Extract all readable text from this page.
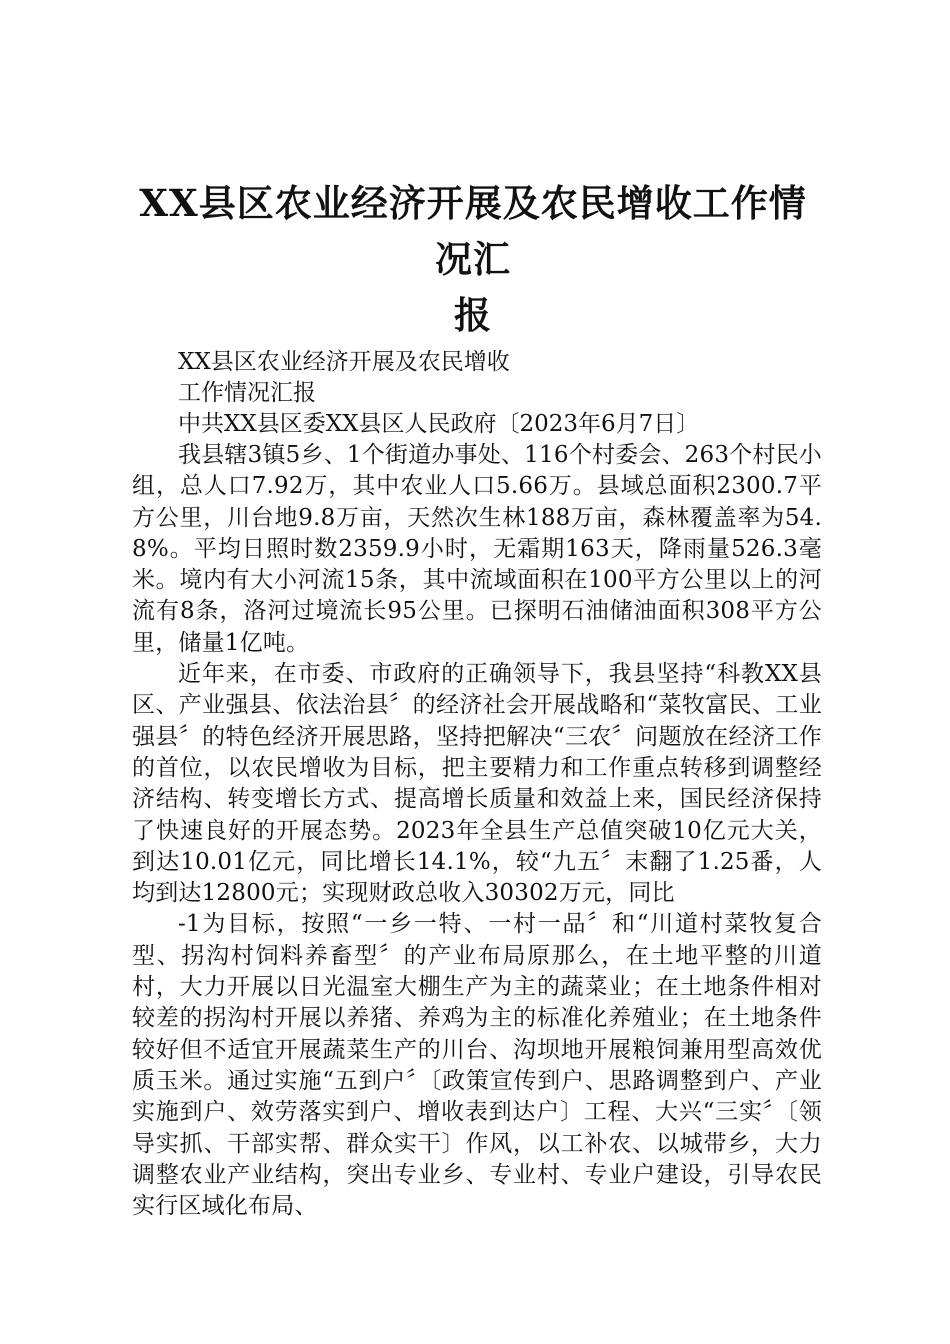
XX县区农业经济开展及农民增收工作情况汇
报

XX县区农业经济开展及农民增收

工作情况汇报

中共XX县区委XX县区人民政府〔2023年6月7日〕

我县辖3镇5乡、1个街道办事处、116个村委会、263个村民小组，总人口7.92万，其中农业人口5.66万。县域总面积2300.7平方公里，川台地9.8万亩，天然次生林188万亩，森林覆盖率为54.8%。平均日照时数2359.9小时，无霜期163天，降雨量526.3毫米。境内有大小河流15条，其中流域面积在100平方公里以上的河流有8条，洛河过境流长95公里。已探明石油储油面积308平方公里，储量1亿吨。

近年来，在市委、市政府的正确领导下，我县坚持“科教XX县区、产业强县、依法治县〞的经济社会开展战略和“菜牧富民、工业强县〞的特色经济开展思路，坚持把解决“三农〞问题放在经济工作的首位，以农民增收为目标，把主要精力和工作重点转移到调整经济结构、转变增长方式、提高增长质量和效益上来，国民经济保持了快速良好的开展态势。2023年全县生产总值突破10亿元大关，到达10.01亿元，同比增长14.1%，较“九五〞末翻了1.25番，人均到达12800元；实现财政总收入30302万元，同比

-1为目标，按照“一乡一特、一村一品〞和“川道村菜牧复合型、拐沟村饲料养畜型〞的产业布局原那么，在土地平整的川道村，大力开展以日光温室大棚生产为主的蔬菜业；在土地条件相对较差的拐沟村开展以养猪、养鸡为主的标准化养殖业；在土地条件较好但不适宜开展蔬菜生产的川台、沟坝地开展粮饲兼用型高效优质玉米。通过实施“五到户〞〔政策宣传到户、思路调整到户、产业实施到户、效劳落实到户、增收表到达户〕工程、大兴“三实〞〔领导实抓、干部实帮、群众实干〕作风，以工补农、以城带乡，大力调整农业产业结构，突出专业乡、专业村、专业户建设，引导农民实行区域化布局、
